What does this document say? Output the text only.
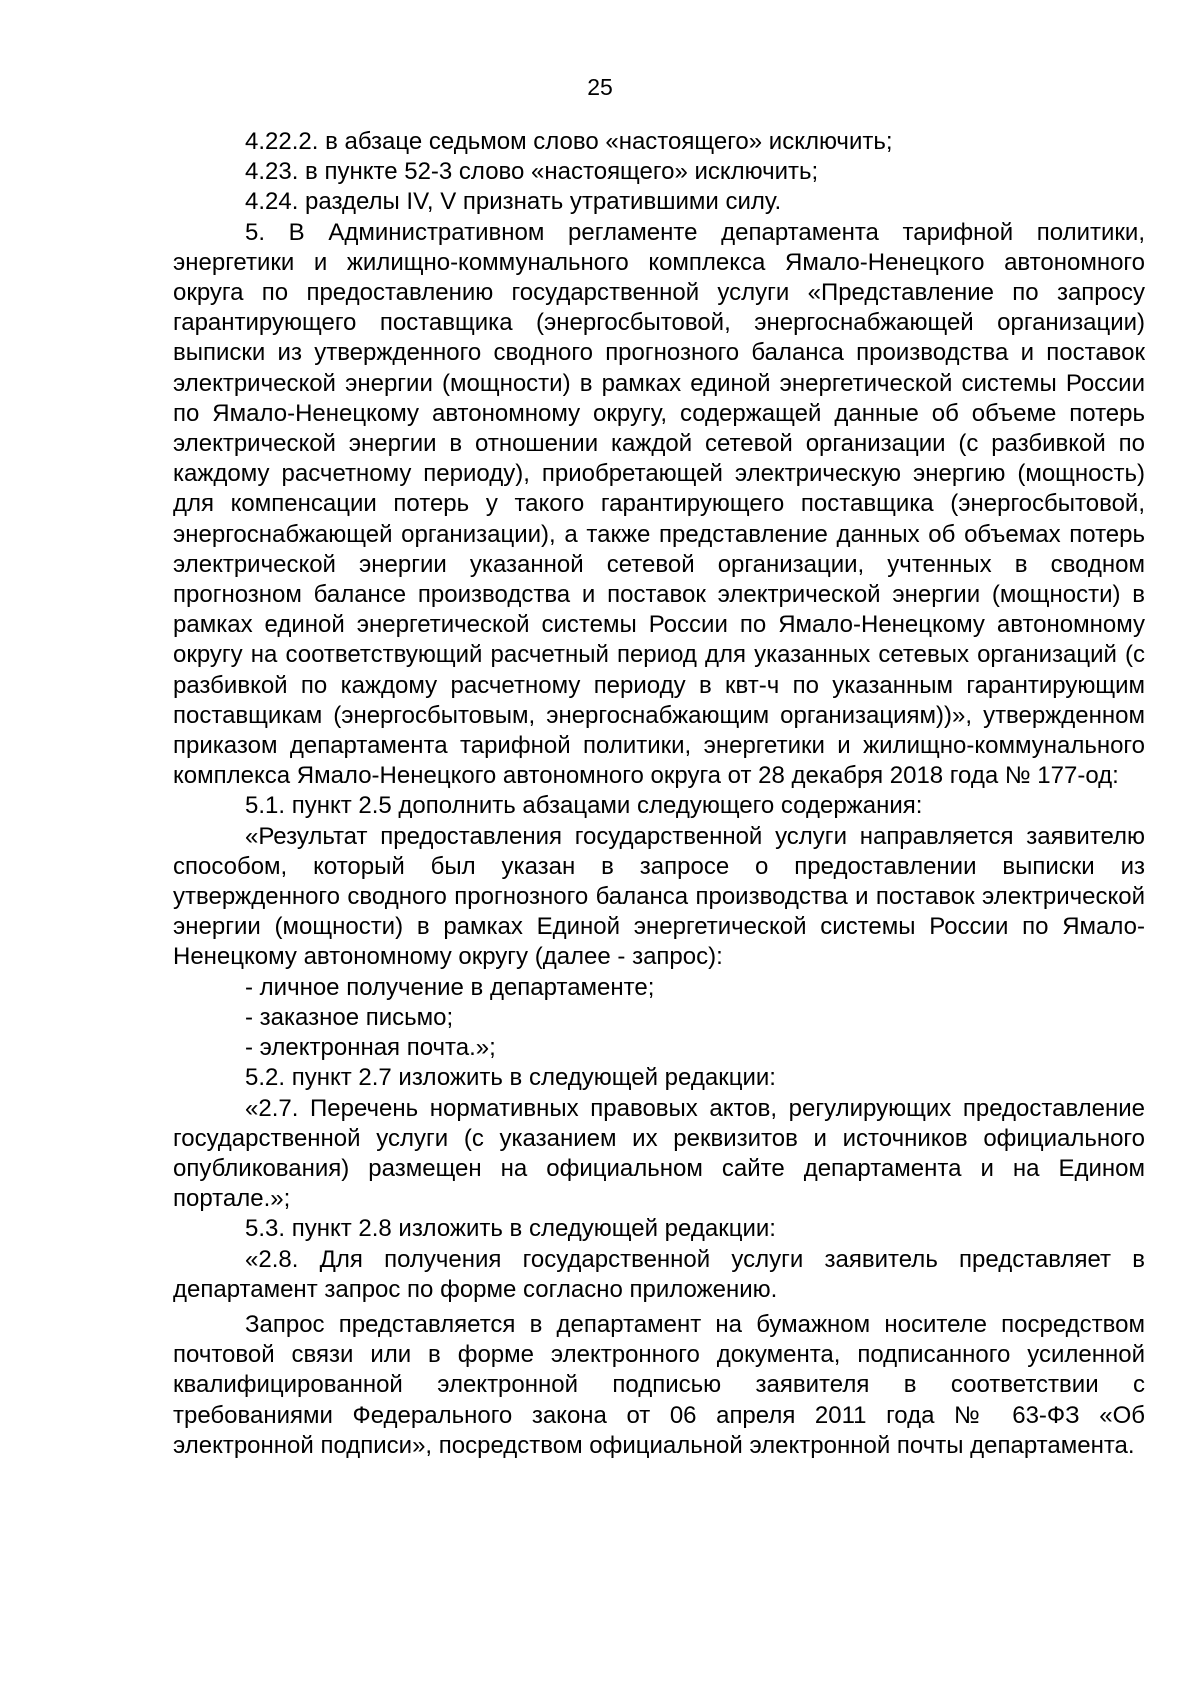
25

4.22.2. в абзаце седьмом слово «настоящего» исключить;

4.23. в пункте 52-3 слово «настоящего» исключить;

4.24. разделы IV, V признать утратившими силу.

5. В Административном регламенте департамента тарифной политики, энергетики и жилищно-коммунального комплекса Ямало-Ненецкого автономного округа по предоставлению государственной услуги «Представление по запросу гарантирующего поставщика (энергосбытовой, энергоснабжающей организации) выписки из утвержденного сводного прогнозного баланса производства и поставок электрической энергии (мощности) в рамках единой энергетической системы России по Ямало-Ненецкому автономному округу, содержащей данные об объеме потерь электрической энергии в отношении каждой сетевой организации (с разбивкой по каждому расчетному периоду), приобретающей электрическую энергию (мощность) для компенсации потерь у такого гарантирующего поставщика (энергосбытовой, энергоснабжающей организации), а также представление данных об объемах потерь электрической энергии указанной сетевой организации, учтенных в сводном прогнозном балансе производства и поставок электрической энергии (мощности) в рамках единой энергетической системы России по Ямало-Ненецкому автономному округу на соответствующий расчетный период для указанных сетевых организаций (с разбивкой по каждому расчетному периоду в квт-ч по указанным гарантирующим поставщикам (энергосбытовым, энергоснабжающим организациям))», утвержденном приказом департамента тарифной политики, энергетики и жилищно-коммунального комплекса Ямало-Ненецкого автономного округа от 28 декабря 2018 года № 177-од:

5.1. пункт 2.5 дополнить абзацами следующего содержания:

«Результат предоставления государственной услуги направляется заявителю способом, который был указан в запросе о предоставлении выписки из утвержденного сводного прогнозного баланса производства и поставок электрической энергии (мощности) в рамках Единой энергетической системы России по Ямало-Ненецкому автономному округу (далее - запрос):

- личное получение в департаменте;

- заказное письмо;

- электронная почта.»;

5.2. пункт 2.7 изложить в следующей редакции:

«2.7. Перечень нормативных правовых актов, регулирующих предоставление государственной услуги (с указанием их реквизитов и источников официального опубликования) размещен на официальном сайте департамента и на Едином портале.»;

5.3. пункт 2.8 изложить в следующей редакции:

«2.8. Для получения государственной услуги заявитель представляет в департамент запрос по форме согласно приложению.

Запрос представляется в департамент на бумажном носителе посредством почтовой связи или в форме электронного документа, подписанного усиленной квалифицированной электронной подписью заявителя в соответствии с требованиями Федерального закона от 06 апреля 2011 года № 63-ФЗ «Об электронной подписи», посредством официальной электронной почты департамента.
